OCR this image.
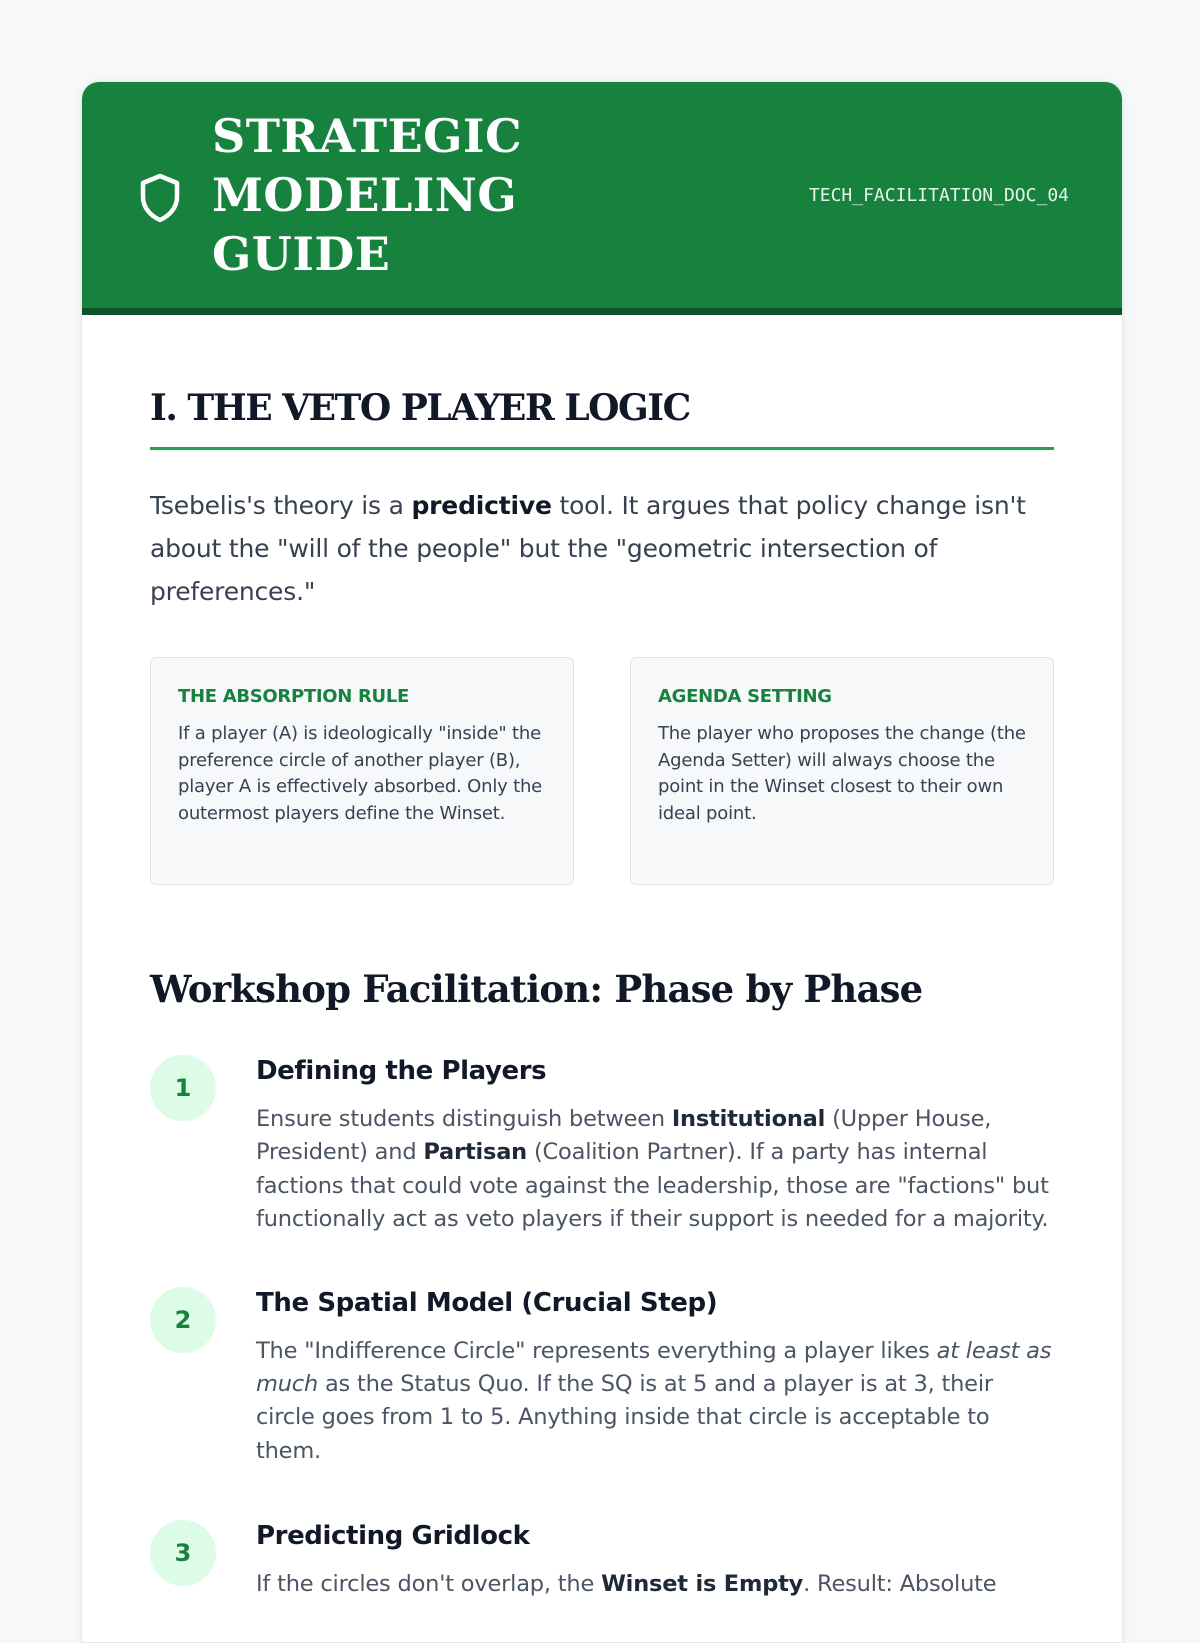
STRATEGIC MODELING GUIDE
TECH_FACILITATION_DOC_04
I. THE VETO PLAYER LOGIC

Tsebelis's theory is a predictive tool. It argues that policy change isn't about the "will of the people" but the "geometric intersection of preferences."

THE ABSORPTION RULE
If a player (A) is ideologically "inside" the preference circle of another player (B), player A is effectively absorbed. Only the outermost players define the Winset.
AGENDA SETTING
The player who proposes the change (the Agenda Setter) will always choose the point in the Winset closest to their own ideal point.
Workshop Facilitation: Phase by Phase
1
Defining the Players
Ensure students distinguish between Institutional (Upper House, President) and Partisan (Coalition Partner). If a party has internal factions that could vote against the leadership, those are "factions" but functionally act as veto players if their support is needed for a majority.
2
The Spatial Model (Crucial Step)
The "Indifference Circle" represents everything a player likes at least as much as the Status Quo. If the SQ is at 5 and a player is at 3, their circle goes from 1 to 5. Anything inside that circle is acceptable to them.
3
Predicting Gridlock
If the circles don't overlap, the Winset is Empty. Result: Absolute
